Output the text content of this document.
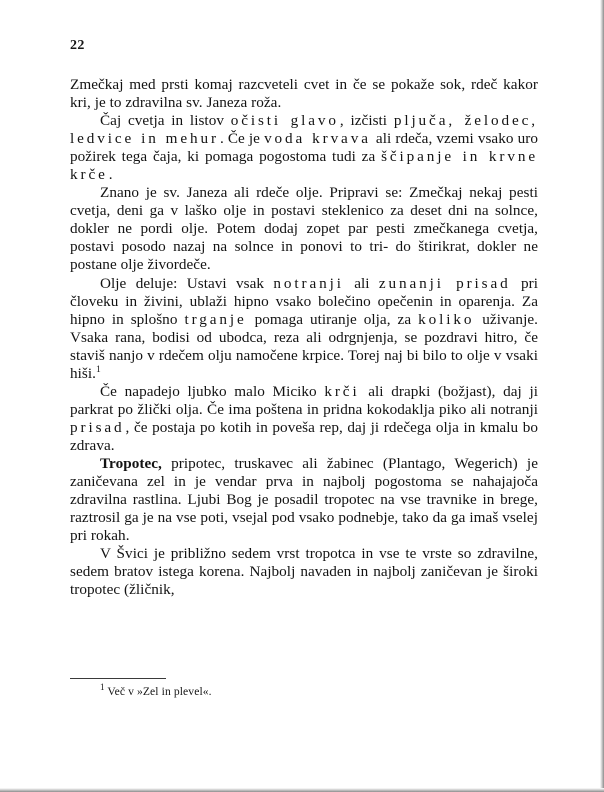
22

Zmečkaj med prsti komaj razcveteli cvet in če se pokaže sok, rdeč kakor kri, je to zdravilna sv. Janeza roža.

Čaj cvetja in listov očisti glavo, izčisti pljuča, želodec, ledvice in mehur. Če je voda krvava ali rdeča, vzemi vsako uro požirek tega čaja, ki pomaga pogostoma tudi za ščipanje in krvne krče.

Znano je sv. Janeza ali rdeče olje. Pripravi se: Zmečkaj nekaj pesti cvetja, deni ga v laško olje in postavi steklenico za deset dni na solnce, dokler ne pordi olje. Potem dodaj zopet par pesti zmečkanega cvetja, postavi posodo nazaj na solnce in ponovi to tri- do štirikrat, dokler ne postane olje živordeče.

Olje deluje: Ustavi vsak notranji ali zunanji prisad pri človeku in živini, ublaži hipno vsako bolečino opečenin in oparenja. Za hipno in splošno trganje pomaga utiranje olja, za koliko uživanje. Vsaka rana, bodisi od ubodca, reza ali odrgnjenja, se pozdravi hitro, če staviš nanjo v rdečem olju namočene krpice. Torej naj bi bilo to olje v vsaki hiši.$^1$

Če napadejo ljubko malo Miciko krči ali drapki (božjast), daj ji parkrat po žlički olja. Če ima poštena in pridna kokodaklja piko ali notranji prisad, če postaja po kotih in poveša rep, daj ji rdečega olja in kmalu bo zdrava.

Tropotec, pripotec, truskavec ali žabinec (Plantago, Wegerich) je zaničevana zel in je vendar prva in najbolj pogostoma se nahajajoča zdravilna rastlina. Ljubi Bog je posadil tropotec na vse travnike in brege, raztrosil ga je na vse poti, vsejal pod vsako podnebje, tako da ga imaš vselej pri rokah.

V Švici je približno sedem vrst tropotca in vse te vrste so zdravilne, sedem bratov istega korena. Najbolj navaden in najbolj zaničevan je široki tropotec (žličnik,

$^1$ Več v »Zel in plevel«.
